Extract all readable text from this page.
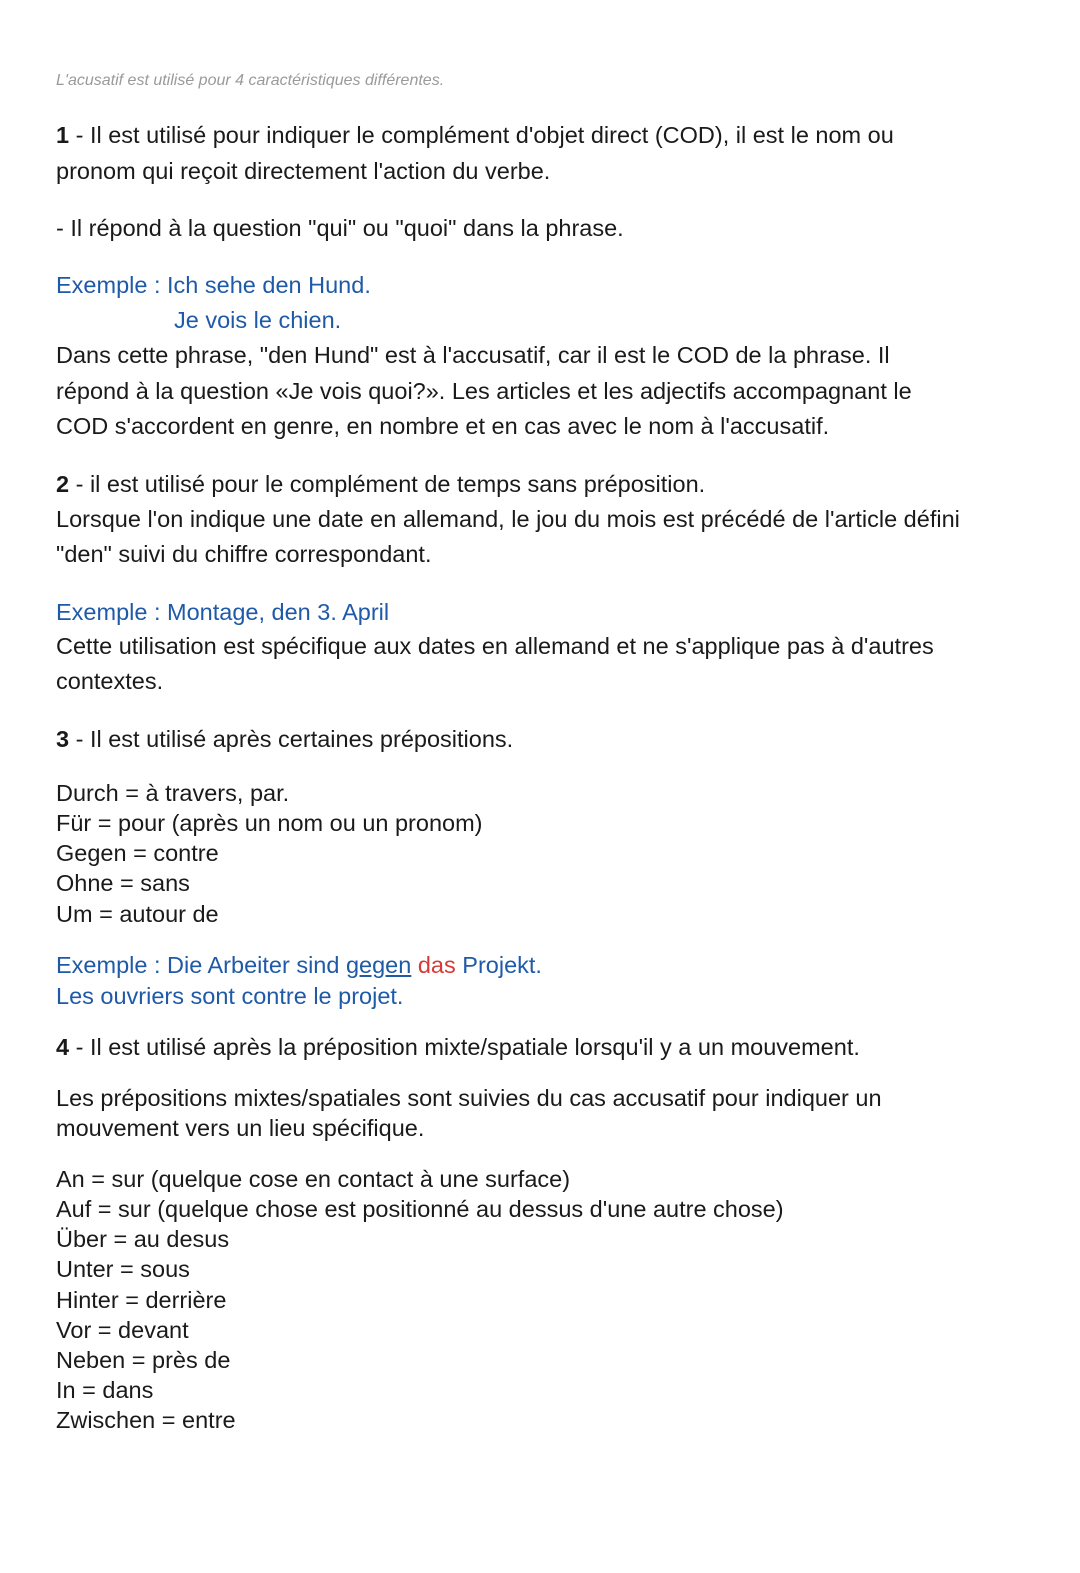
L'acusatif est utilisé pour 4 caractéristiques différentes.
1 - Il est utilisé pour indiquer le complément d'objet direct (COD), il est le nom ou
pronom qui reçoit directement l'action du verbe.
- Il répond à la question "qui" ou "quoi" dans la phrase.
Exemple : Ich sehe den Hund.
Je vois le chien.
Dans cette phrase, "den Hund" est à l'accusatif, car il est le COD de la phrase. Il
répond à la question «Je vois quoi?». Les articles et les adjectifs accompagnant le
COD s'accordent en genre, en nombre et en cas avec le nom à l'accusatif.
2 - il est utilisé pour le complément de temps sans préposition.
Lorsque l'on indique une date en allemand, le jou du mois est précédé de l'article défini
"den" suivi du chiffre correspondant.
Exemple : Montage, den 3. April
Cette utilisation est spécifique aux dates en allemand et ne s'applique pas à d'autres
contextes.
3 - Il est utilisé après certaines prépositions.
Durch = à travers, par.
Für = pour (après un nom ou un pronom)
Gegen = contre
Ohne = sans
Um = autour de
Exemple : Die Arbeiter sind gegen das Projekt.
Les ouvriers sont contre le projet.
4 - Il est utilisé après la préposition mixte/spatiale lorsqu'il y a un mouvement.
Les prépositions mixtes/spatiales sont suivies du cas accusatif pour indiquer un
mouvement vers un lieu spécifique.
An = sur (quelque cose en contact à une surface)
Auf = sur (quelque chose est positionné au dessus d'une autre chose)
Über = au desus
Unter = sous
Hinter = derrière
Vor = devant
Neben = près de
In = dans
Zwischen = entre
